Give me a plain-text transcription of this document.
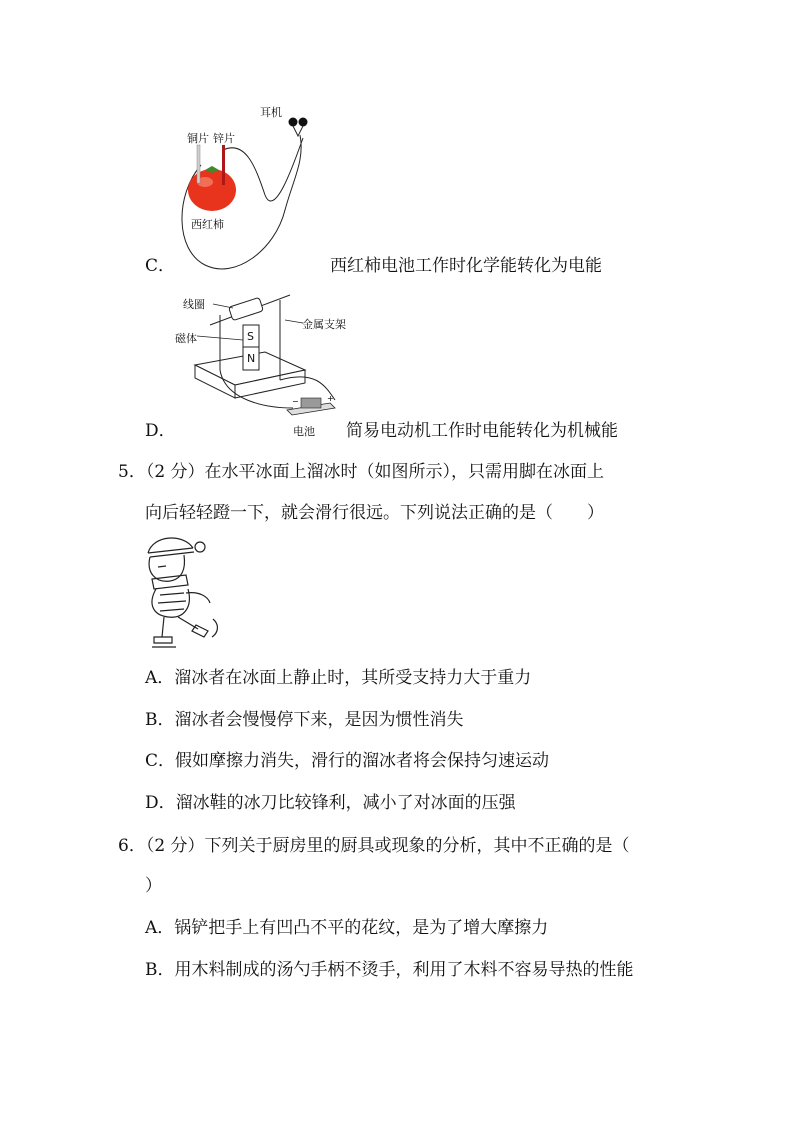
耳机
铜片 锌片
西红柿
C．	西红柿电池工作时化学能转化为电能
−	+
线圈
金属支架
磁体	S
N
电池
D．	简易电动机工作时电能转化为机械能
5．（2 分）在水平冰面上溜冰时（如图所示），只需用脚在冰面上
向后轻轻蹬一下，就会滑行很远。下列说法正确的是（　　）
A．溜冰者在冰面上静止时，其所受支持力大于重力
B．溜冰者会慢慢停下来，是因为惯性消失
C．假如摩擦力消失，滑行的溜冰者将会保持匀速运动
D．溜冰鞋的冰刀比较锋利，减小了对冰面的压强
6．（2 分）下列关于厨房里的厨具或现象的分析，其中不正确的是（
）
A．锅铲把手上有凹凸不平的花纹，是为了增大摩擦力
B．用木料制成的汤勺手柄不烫手，利用了木料不容易导热的性能
